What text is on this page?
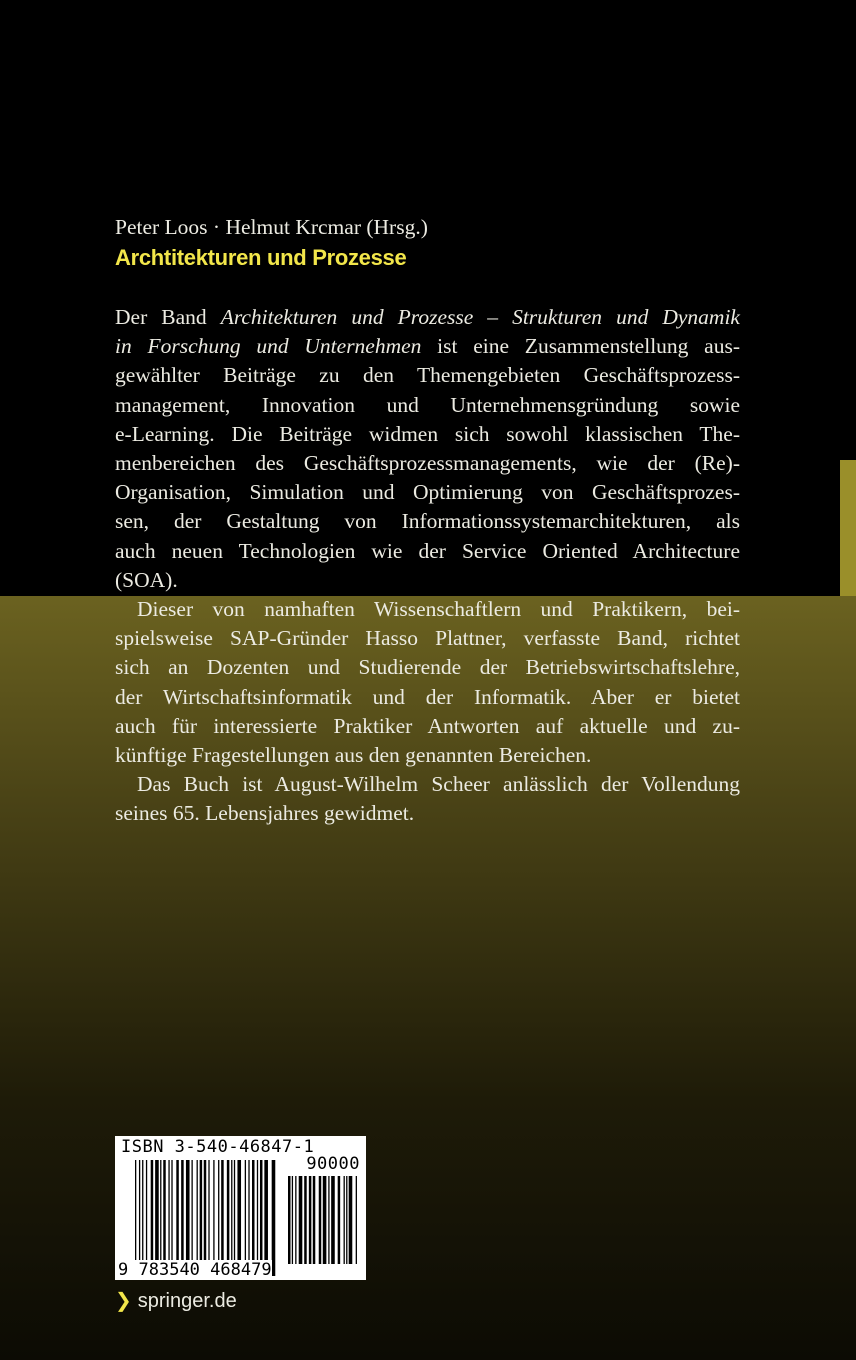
Peter Loos · Helmut Krcmar (Hrsg.)
Archtitekturen und Prozesse
Der Band Architekturen und Prozesse – Strukturen und Dynamik
in Forschung und Unternehmen ist eine Zusammenstellung aus-
gewählter Beiträge zu den Themengebieten Geschäftsprozess-
management, Innovation und Unternehmensgründung sowie
e-Learning. Die Beiträge widmen sich sowohl klassischen The-
menbereichen des Geschäftsprozessmanagements, wie der (Re)-
Organisation, Simulation und Optimierung von Geschäftsprozes-
sen, der Gestaltung von Informationssystemarchitekturen, als
auch neuen Technologien wie der Service Oriented Architecture
(SOA).
Dieser von namhaften Wissenschaftlern und Praktikern, bei-
spielsweise SAP-Gründer Hasso Plattner, verfasste Band, richtet
sich an Dozenten und Studierende der Betriebswirtschaftslehre,
der Wirtschaftsinformatik und der Informatik. Aber er bietet
auch für interessierte Praktiker Antworten auf aktuelle und zu-
künftige Fragestellungen aus den genannten Bereichen.
Das Buch ist August-Wilhelm Scheer anlässlich der Vollendung
seines 65. Lebensjahres gewidmet.
ISBN 3-540-46847-1
90000
9 783540 468479
❯ springer.de
